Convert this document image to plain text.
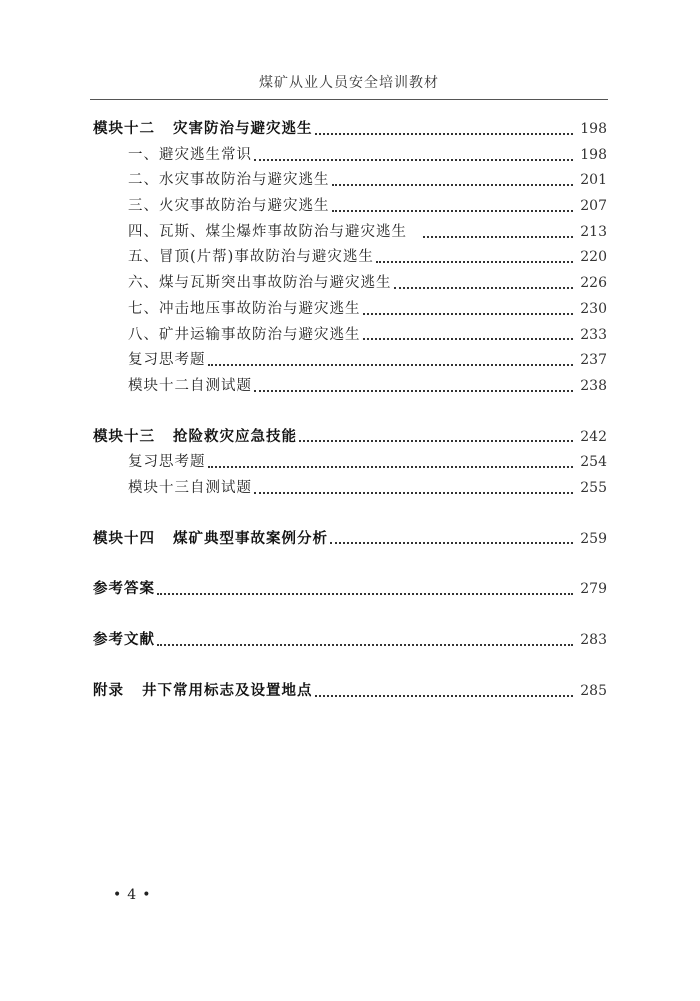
煤矿从业人员安全培训教材
模块十二 灾害防治与避灾逃生	198
一、避灾逃生常识	198
二、水灾事故防治与避灾逃生	201
三、火灾事故防治与避灾逃生	207
四、瓦斯、煤尘爆炸事故防治与避灾逃生	213
五、冒顶(片帮)事故防治与避灾逃生	220
六、煤与瓦斯突出事故防治与避灾逃生	226
七、冲击地压事故防治与避灾逃生	230
八、矿井运输事故防治与避灾逃生	233
复习思考题	237
模块十二自测试题	238
模块十三 抢险救灾应急技能	242
复习思考题	254
模块十三自测试题	255
模块十四 煤矿典型事故案例分析	259
参考答案	279
参考文献	283
附录 井下常用标志及设置地点	285
• 4 •
